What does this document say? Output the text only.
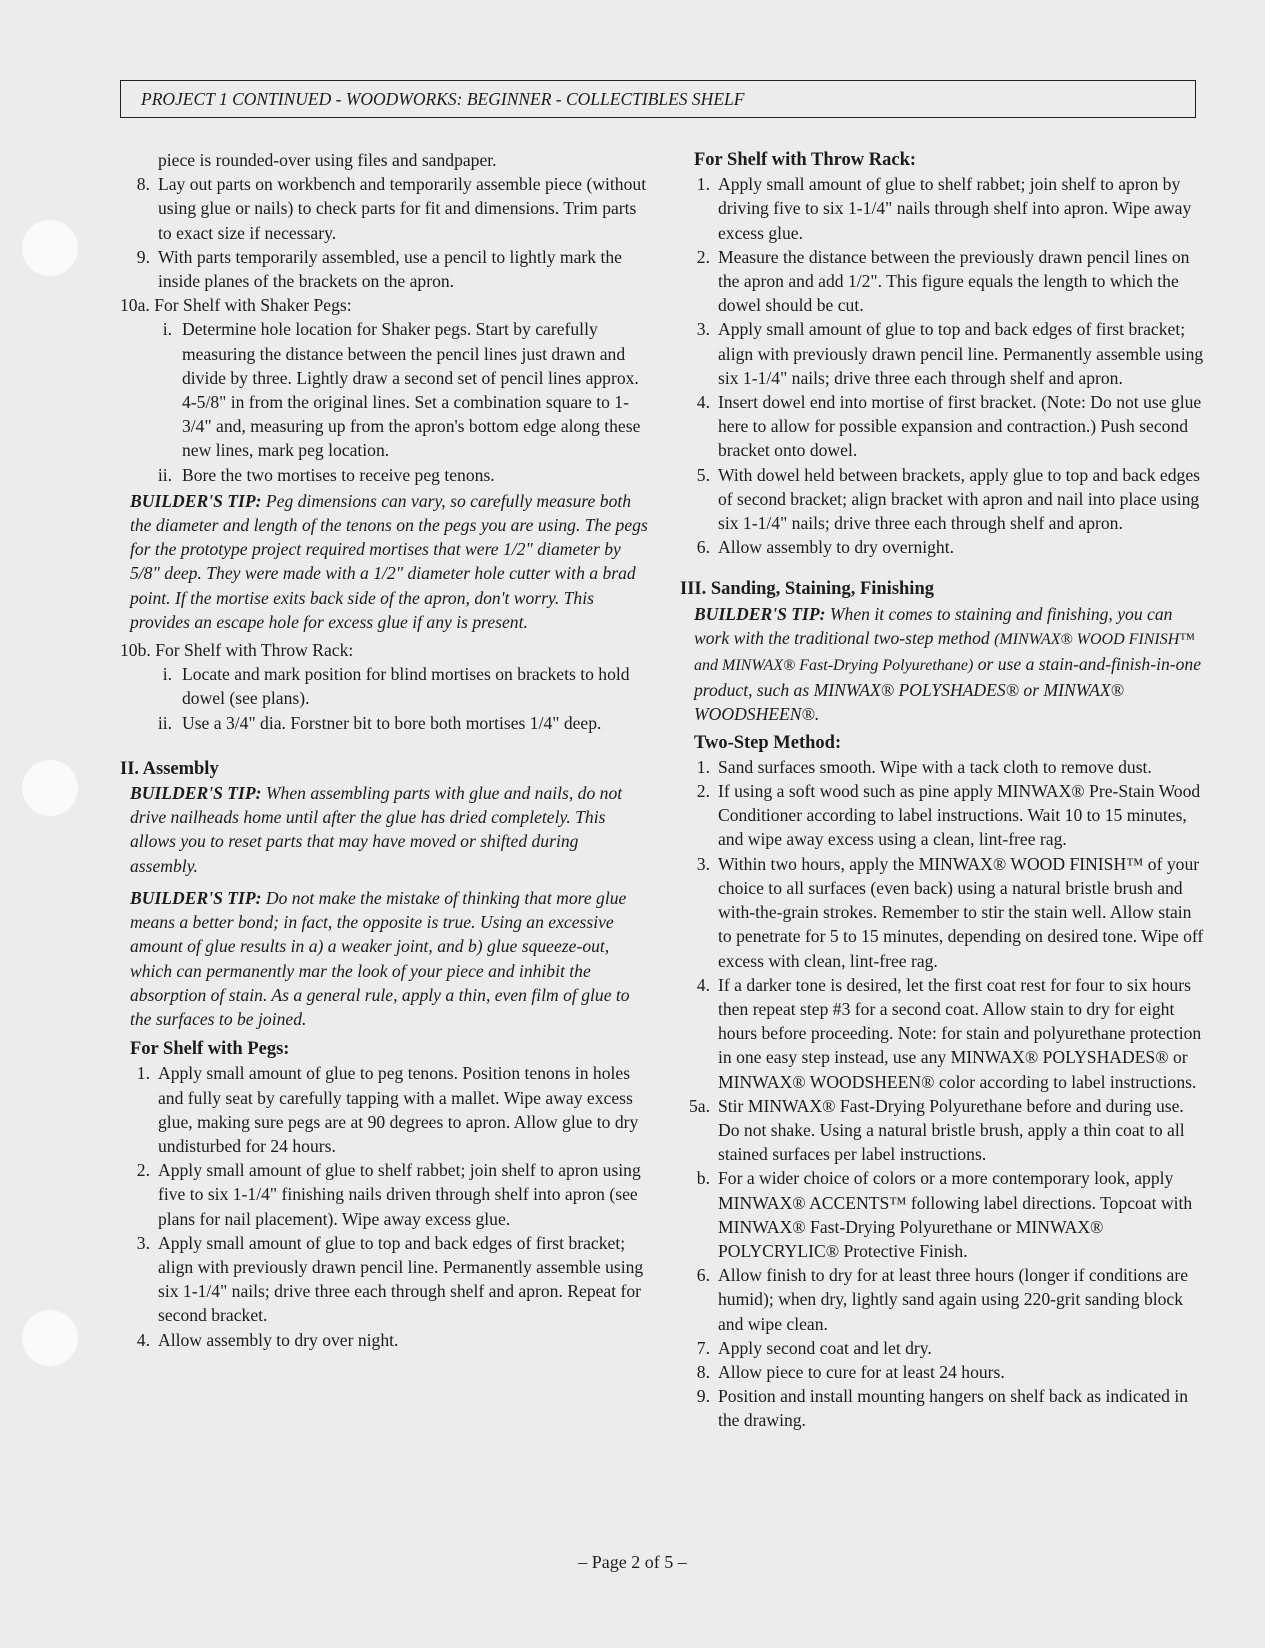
PROJECT 1 CONTINUED - WOODWORKS: BEGINNER - COLLECTIBLES SHELF

piece is rounded-over using files and sandpaper.

8. Lay out parts on workbench and temporarily assemble piece (without using glue or nails) to check parts for fit and dimensions. Trim parts to exact size if necessary.
9. With parts temporarily assembled, use a pencil to lightly mark the inside planes of the brackets on the apron.

10a. For Shelf with Shaker Pegs:

i. Determine hole location for Shaker pegs. Start by carefully measuring the distance between the pencil lines just drawn and divide by three. Lightly draw a second set of pencil lines approx. 4-5/8" in from the original lines. Set a combination square to 1-3/4" and, measuring up from the apron's bottom edge along these new lines, mark peg location.
ii. Bore the two mortises to receive peg tenons.

BUILDER'S TIP: Peg dimensions can vary, so carefully measure both the diameter and length of the tenons on the pegs you are using. The pegs for the prototype project required mortises that were 1/2" diameter by 5/8" deep. They were made with a 1/2" diameter hole cutter with a brad point. If the mortise exits back side of the apron, don't worry. This provides an escape hole for excess glue if any is present.

10b. For Shelf with Throw Rack:

i. Locate and mark position for blind mortises on brackets to hold dowel (see plans).
ii. Use a 3/4" dia. Forstner bit to bore both mortises 1/4" deep.

II. Assembly

BUILDER'S TIP: When assembling parts with glue and nails, do not drive nailheads home until after the glue has dried completely. This allows you to reset parts that may have moved or shifted during assembly.

BUILDER'S TIP: Do not make the mistake of thinking that more glue means a better bond; in fact, the opposite is true. Using an excessive amount of glue results in a) a weaker joint, and b) glue squeeze-out, which can permanently mar the look of your piece and inhibit the absorption of stain. As a general rule, apply a thin, even film of glue to the surfaces to be joined.

For Shelf with Pegs:

1. Apply small amount of glue to peg tenons. Position tenons in holes and fully seat by carefully tapping with a mallet. Wipe away excess glue, making sure pegs are at 90 degrees to apron. Allow glue to dry undisturbed for 24 hours.
2. Apply small amount of glue to shelf rabbet; join shelf to apron using five to six 1-1/4" finishing nails driven through shelf into apron (see plans for nail placement). Wipe away excess glue.
3. Apply small amount of glue to top and back edges of first bracket; align with previously drawn pencil line. Permanently assemble using six 1-1/4" nails; drive three each through shelf and apron. Repeat for second bracket.
4. Allow assembly to dry over night.

For Shelf with Throw Rack:

1. Apply small amount of glue to shelf rabbet; join shelf to apron by driving five to six 1-1/4" nails through shelf into apron. Wipe away excess glue.
2. Measure the distance between the previously drawn pencil lines on the apron and add 1/2". This figure equals the length to which the dowel should be cut.
3. Apply small amount of glue to top and back edges of first bracket; align with previously drawn pencil line. Permanently assemble using six 1-1/4" nails; drive three each through shelf and apron.
4. Insert dowel end into mortise of first bracket. (Note: Do not use glue here to allow for possible expansion and contraction.) Push second bracket onto dowel.
5. With dowel held between brackets, apply glue to top and back edges of second bracket; align bracket with apron and nail into place using six 1-1/4" nails; drive three each through shelf and apron.
6. Allow assembly to dry overnight.

III. Sanding, Staining, Finishing

BUILDER'S TIP: When it comes to staining and finishing, you can work with the traditional two-step method (MINWAX® WOOD FINISH™ and MINWAX® Fast-Drying Polyurethane) or use a stain-and-finish-in-one product, such as MINWAX® POLYSHADES® or MINWAX® WOODSHEEN®.

Two-Step Method:

1. Sand surfaces smooth. Wipe with a tack cloth to remove dust.
2. If using a soft wood such as pine apply MINWAX® Pre-Stain Wood Conditioner according to label instructions. Wait 10 to 15 minutes, and wipe away excess using a clean, lint-free rag.
3. Within two hours, apply the MINWAX® WOOD FINISH™ of your choice to all surfaces (even back) using a natural bristle brush and with-the-grain strokes. Remember to stir the stain well. Allow stain to penetrate for 5 to 15 minutes, depending on desired tone. Wipe off excess with clean, lint-free rag.
4. If a darker tone is desired, let the first coat rest for four to six hours then repeat step #3 for a second coat. Allow stain to dry for eight hours before proceeding. Note: for stain and polyurethane protection in one easy step instead, use any MINWAX® POLYSHADES® or MINWAX® WOODSHEEN® color according to label instructions.
5a. Stir MINWAX® Fast-Drying Polyurethane before and during use. Do not shake. Using a natural bristle brush, apply a thin coat to all stained surfaces per label instructions.
b. For a wider choice of colors or a more contemporary look, apply MINWAX® ACCENTS™ following label directions. Topcoat with MINWAX® Fast-Drying Polyurethane or MINWAX® POLYCRYLIC® Protective Finish.
6. Allow finish to dry for at least three hours (longer if conditions are humid); when dry, lightly sand again using 220-grit sanding block and wipe clean.
7. Apply second coat and let dry.
8. Allow piece to cure for at least 24 hours.
9. Position and install mounting hangers on shelf back as indicated in the drawing.
– Page 2 of 5 –
